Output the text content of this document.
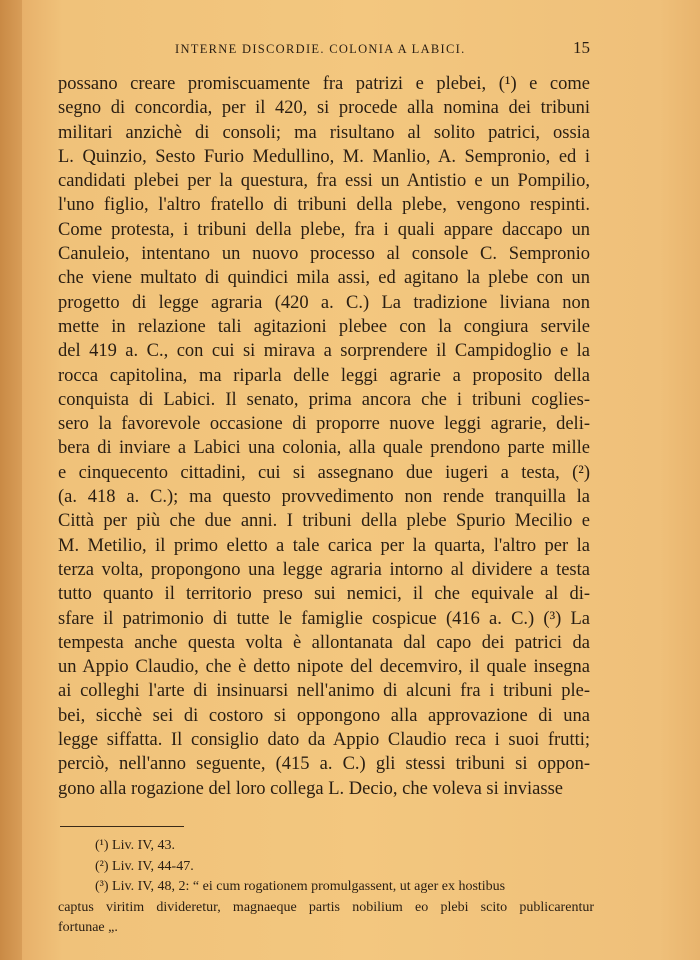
INTERNE DISCORDIE. COLONIA A LABICI.	15
possano creare promiscuamente fra patrizi e plebei, (¹) e come
segno di concordia, per il 420, si procede alla nomina dei tribuni
militari anzichè di consoli; ma risultano al solito patrici, ossia
L. Quinzio, Sesto Furio Medullino, M. Manlio, A. Sempronio, ed i
candidati plebei per la questura, fra essi un Antistio e un Pompilio,
l'uno figlio, l'altro fratello di tribuni della plebe, vengono respinti.
Come protesta, i tribuni della plebe, fra i quali appare daccapo un
Canuleio, intentano un nuovo processo al console C. Sempronio
che viene multato di quindici mila assi, ed agitano la plebe con un
progetto di legge agraria (420 a. C.) La tradizione liviana non
mette in relazione tali agitazioni plebee con la congiura servile
del 419 a. C., con cui si mirava a sorprendere il Campidoglio e la
rocca capitolina, ma riparla delle leggi agrarie a proposito della
conquista di Labici. Il senato, prima ancora che i tribuni coglies-
sero la favorevole occasione di proporre nuove leggi agrarie, deli-
bera di inviare a Labici una colonia, alla quale prendono parte mille
e cinquecento cittadini, cui si assegnano due iugeri a testa, (²)
(a. 418 a. C.); ma questo provvedimento non rende tranquilla la
Città per più che due anni. I tribuni della plebe Spurio Mecilio e
M. Metilio, il primo eletto a tale carica per la quarta, l'altro per la
terza volta, propongono una legge agraria intorno al dividere a testa
tutto quanto il territorio preso sui nemici, il che equivale al di-
sfare il patrimonio di tutte le famiglie cospicue (416 a. C.) (³) La
tempesta anche questa volta è allontanata dal capo dei patrici da
un Appio Claudio, che è detto nipote del decemviro, il quale insegna
ai colleghi l'arte di insinuarsi nell'animo di alcuni fra i tribuni ple-
bei, sicchè sei di costoro si oppongono alla approvazione di una
legge siffatta. Il consiglio dato da Appio Claudio reca i suoi frutti;
perciò, nell'anno seguente, (415 a. C.) gli stessi tribuni si oppon-
gono alla rogazione del loro collega L. Decio, che voleva si inviasse
(¹) Liv. IV, 43.
(²) Liv. IV, 44-47.
(³) Liv. IV, 48, 2: “ ei cum rogationem promulgassent, ut ager ex hostibus
captus viritim divideretur, magnaeque partis nobilium eo plebi scito publicarentur
fortunae „.
